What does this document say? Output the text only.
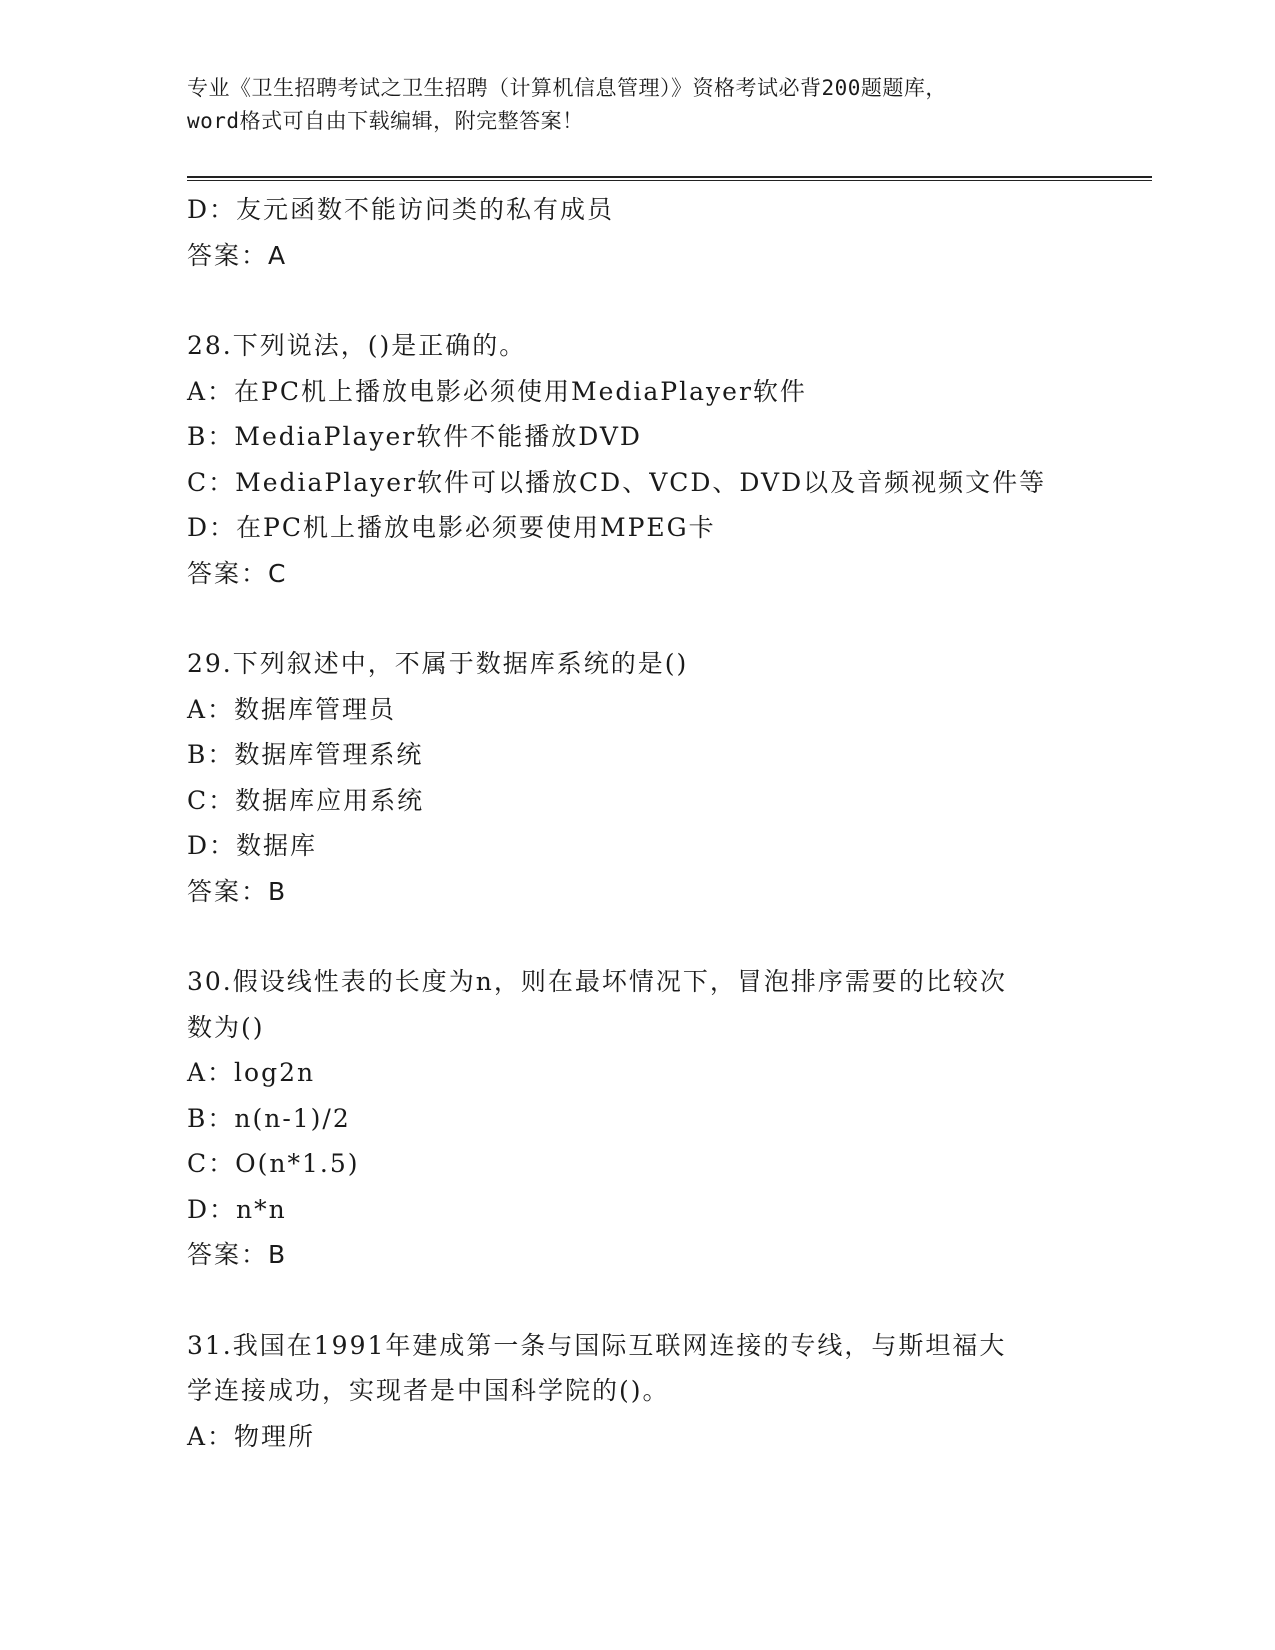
专业《卫生招聘考试之卫生招聘（计算机信息管理）》资格考试必背200题题库，
word格式可自由下载编辑，附完整答案！
D：友元函数不能访问类的私有成员
答案：A
28.下列说法，()是正确的。
A：在PC机上播放电影必须使用MediaPlayer软件
B：MediaPlayer软件不能播放DVD
C：MediaPlayer软件可以播放CD、VCD、DVD以及音频视频文件等
D：在PC机上播放电影必须要使用MPEG卡
答案：C
29.下列叙述中，不属于数据库系统的是()
A：数据库管理员
B：数据库管理系统
C：数据库应用系统
D：数据库
答案：B
30.假设线性表的长度为n，则在最坏情况下，冒泡排序需要的比较次
数为()
A：log2n
B：n(n-1)/2
C：O(n*1.5)
D：n*n
答案：B
31.我国在1991年建成第一条与国际互联网连接的专线，与斯坦福大
学连接成功，实现者是中国科学院的()。
A：物理所
